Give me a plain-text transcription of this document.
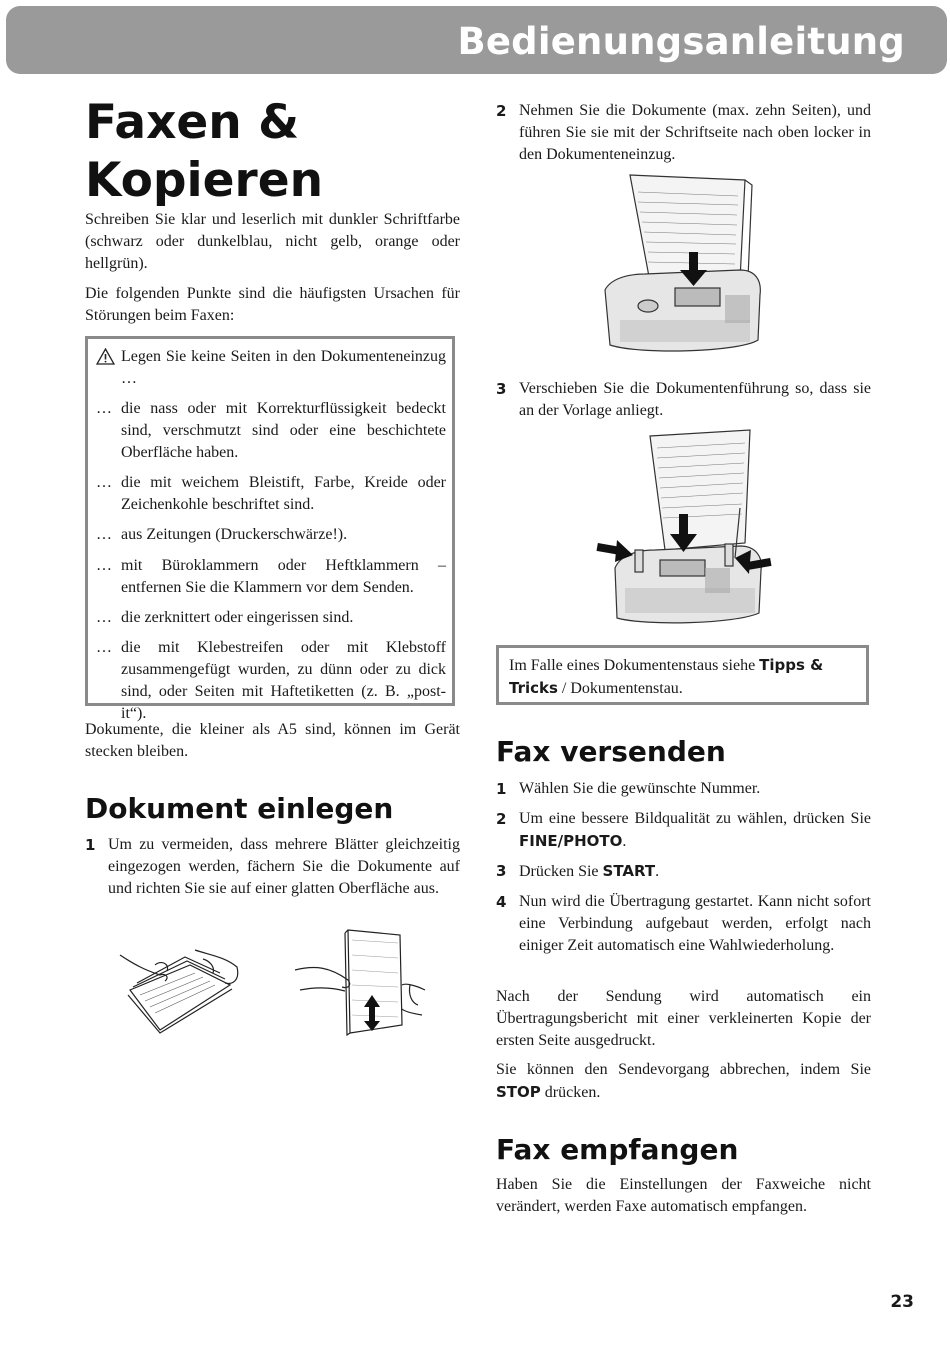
Bedienungsanleitung
Faxen &
Kopieren

Schreiben Sie klar und leserlich mit dunkler Schriftfarbe (schwarz oder dunkelblau, nicht gelb, orange oder hellgrün).

Die folgenden Punkte sind die häufigsten Ursachen für Störungen beim Faxen:

Legen Sie keine Seiten in den Dokumenteneinzug …
… die nass oder mit Korrekturflüssigkeit bedeckt sind, verschmutzt sind oder eine beschichtete Oberfläche haben.
… die mit weichem Bleistift, Farbe, Kreide oder Zeichenkohle beschriftet sind.
… aus Zeitungen (Druckerschwärze!).
… mit Büroklammern oder Heftklammern – entfernen Sie die Klammern vor dem Senden.
… die zerknittert oder eingerissen sind.
… die mit Klebestreifen oder mit Klebstoff zusammengefügt wurden, zu dünn oder zu dick sind, oder Seiten mit Haftetiketten (z. B. „post-it“).

Dokumente, die kleiner als A5 sind, können im Gerät stecken bleiben.

Dokument einlegen
1 Um zu vermeiden, dass mehrere Blätter gleichzeitig eingezogen werden, fächern Sie die Dokumente auf und richten Sie sie auf einer glatten Oberfläche aus.
2 Nehmen Sie die Dokumente (max. zehn Seiten), und führen Sie sie mit der Schriftseite nach oben locker in den Dokumenteneinzug.
3 Verschieben Sie die Dokumentenführung so, dass sie an der Vorlage anliegt.
Im Falle eines Dokumentenstaus siehe Tipps & Tricks / Dokumentenstau.
Fax versenden
1 Wählen Sie die gewünschte Nummer.
2 Um eine bessere Bildqualität zu wählen, drücken Sie FINE/PHOTO.
3 Drücken Sie START.
4 Nun wird die Übertragung gestartet. Kann nicht sofort eine Verbindung aufgebaut werden, erfolgt nach einiger Zeit automatisch eine Wahlwiederholung.

Nach der Sendung wird automatisch ein Übertragungsbericht mit einer verkleinerten Kopie der ersten Seite ausgedruckt.

Sie können den Sendevorgang abbrechen, indem Sie STOP drücken.

Fax empfangen

Haben Sie die Einstellungen der Faxweiche nicht verändert, werden Faxe automatisch empfangen.

23
